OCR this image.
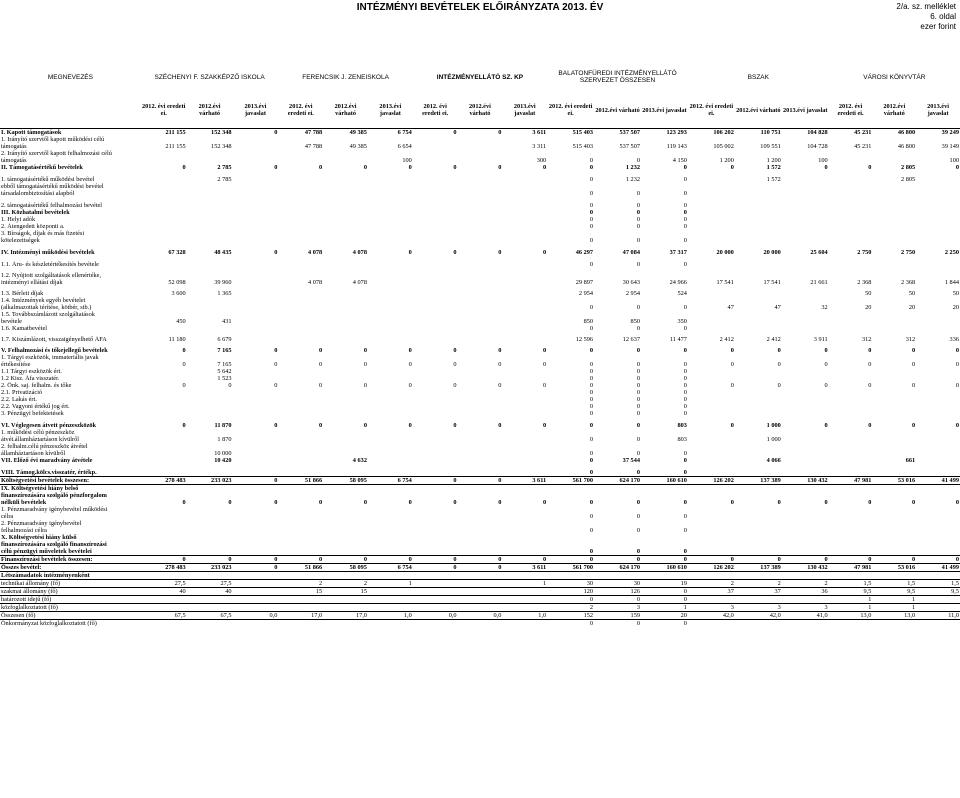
INTÉZMÉNYI BEVÉTELEK ELŐIRÁNYZATA 2013. ÉV	2/a. sz. melléklet
6. oldal
ezer forint
MEGNEVEZÉS	SZÉCHENYI F. SZAKKÉPZŐ ISKOLA			FERENCSIK J. ZENEISKOLA			INTÉZMÉNYELLÁTÓ SZ. KP			BALATONFÜREDI INTÉZMÉNYELLÁTÓ SZERVEZET ÖSSZESEN			BSZAK			VÁROSI KÖNYVTÁR		
	2012. évi eredeti ei.	2012.évi várható	2013.évi javaslat	2012. évi eredeti ei.	2012.évi várható	2013.évi javaslat	2012. évi eredeti ei.	2012.évi várható	2013.évi javaslat	2012. évi eredeti ei.	2012.évi várható	2013.évi javaslat	2012. évi eredeti ei.	2012.évi várható	2013.évi javaslat	2012. évi eredeti ei.	2012.évi várható	2013.évi javaslat

I. Kapott támogatások	211 155	152 348	0	47 788	49 385	6 754	0	0	3 611	515 403	537 507	123 293	106 202	110 751	104 828	45 231	46 800	39 249
1. Irányító szervtől kapott működési célú																		
támogatás	211 155	152 348		47 788	49 385	6 654			3 311	515 403	537 507	119 143	105 002	109 551	104 728	45 231	46 800	39 149
2. Irányító szervtől kapott felhalmozási célú																		
támogatás						100			300	0	0	4 150	1 200	1 200	100			100
II. Támogatásértékű bevételek	0	2 785	0	0	0	0	0	0	0	0	1 232	0	0	1 572	0	0	2 805	0

1. támogatásértékű működési bevétel		2 785								0	1 232	0		1 572			2 805	
ebből támogatásértékű működési bevétel																		
társadalombiztosítási alapból										0	0	0						

2. támogatásértékű felhalmozási bevétel										0	0	0						
III. Közhatalmi bevételek										0	0	0						
1. Helyi adók										0	0	0						
2. Átengedett központi a.										0	0	0						
3. Bírságok, díjak és más fizetési																		
kötelezettségek										0	0	0						

IV. Intézményi működési bevételek	67 328	48 435	0	4 078	4 078	0	0	0	0	46 297	47 084	37 317	20 000	20 000	25 604	2 750	2 750	2 250

1.1. Áru- és készletértékesítés bevétele										0	0	0						

1.2. Nyújtott szolgáltatások ellenértéke,																		
intézményi ellátási díjak	52 098	39 960		4 078	4 078					29 897	30 643	24 966	17 541	17 541	21 661	2 368	2 368	1 844

1.3. Bérleti díjak	3 600	1 365								2 954	2 954	524				50	50	50
1.4. Intézmények egyéb bevételei																		
(alkalmazottak térítése, kötbér, stb.)										0	0	0	47	47	32	20	20	20
1.5. Továbbszámlázott szolgáltatások																		
bevétele	450	431								850	850	350						
1.6. Kamatbevétel										0	0	0						

1.7. Kiszámlázott, visszaigényelhető ÁFA	11 180	6 679								12 596	12 637	11 477	2 412	2 412	3 911	312	312	336

V. Felhalmozási és tőkejellegű bevételek	0	7 165	0	0	0	0	0	0	0	0	0	0	0	0	0	0	0	0
1. Tárgyi eszközök, immateriális javak																		
értékesítése	0	7 165	0	0	0	0	0	0	0	0	0	0	0	0	0	0	0	0
1.1 Tárgyi eszközök ért.		5 642								0	0	0						
1.2 Kisz. Áfa visszatér.		1 523								0	0	0						
2. Önk. saj. felhalm. és tőke	0	0	0	0	0	0	0	0	0	0	0	0	0	0	0	0	0	0
2.1. Privatizáció										0	0	0						
2.2. Lakás ért.										0	0	0						
2.2. Vagyoni értékű jog ért.										0	0	0						
3. Pénzügyi befektetések										0	0	0						

VI. Véglegesen átvett pénzeszközök	0	11 870	0	0	0	0	0	0	0	0	0	803	0	1 000	0	0	0	0
1. működési célú pénzeszköz																		
átvét.államháztartáson kívülről		1 870								0	0	803		1 000				
2. felhalm.célú pénzeszköz átvétel																		
államháztartáson kívülről		10 000								0	0	0						
VII. Előző évi maradvány átvétele		10 420			4 632					0	37 544	0		4 066			661	

VIII. Támog.kölcs.visszatér, értékp.										0	0	0						
Költségvetési bevételek összesen:	278 483	233 023	0	51 866	58 095	6 754	0	0	3 611	561 700	624 170	160 610	126 202	137 389	130 432	47 981	53 016	41 499
IX. Költségvetési hiány belső																		
finanszírozására szolgáló pénzforgalom																		
nélküli bevételek	0	0	0	0	0	0	0	0	0	0	0	0	0	0	0	0	0	0
1. Pénzmaradvány igénybevétel működési																		
célra										0	0	0						
2. Pénzmaradvány igénybevétel																		
felhalmozási célra										0	0	0						
X. Költségvetési hiány külső																		
finanszírozására szolgáló finanszírozási																		
célú pénzügyi műveletek bevételei										0	0	0						
Finanszírozási bevételek összesen:	0	0	0	0	0	0	0	0	0	0	0	0	0	0	0	0	0	0
Összes bevétel:	278 483	233 023	0	51 866	58 095	6 754	0	0	3 611	561 700	624 170	160 610	126 202	137 389	130 432	47 981	53 016	41 499
Létszámadatok intézményenként																		
technikai állomány (fő)	27,5	27,5		2	2	1			1	30	30	19	2	2	2	1,5	1,5	1,5
szakmai állomány (fő)	40	40		15	15					120	126	0	37	37	36	9,5	9,5	9,5
határozott idejű (fő)										0	0	0				1	1	
közfoglalkoztatott (fő)										2	3	1	3	3	3	1	1	
Összesen (fő)	67,5	67,5	0,0	17,0	17,0	1,0	0,0	0,0	1,0	152	159	20	42,0	42,0	41,0	13,0	13,0	11,0
Önkormányzat közfoglalkoztatott (fő)										0	0	0						
